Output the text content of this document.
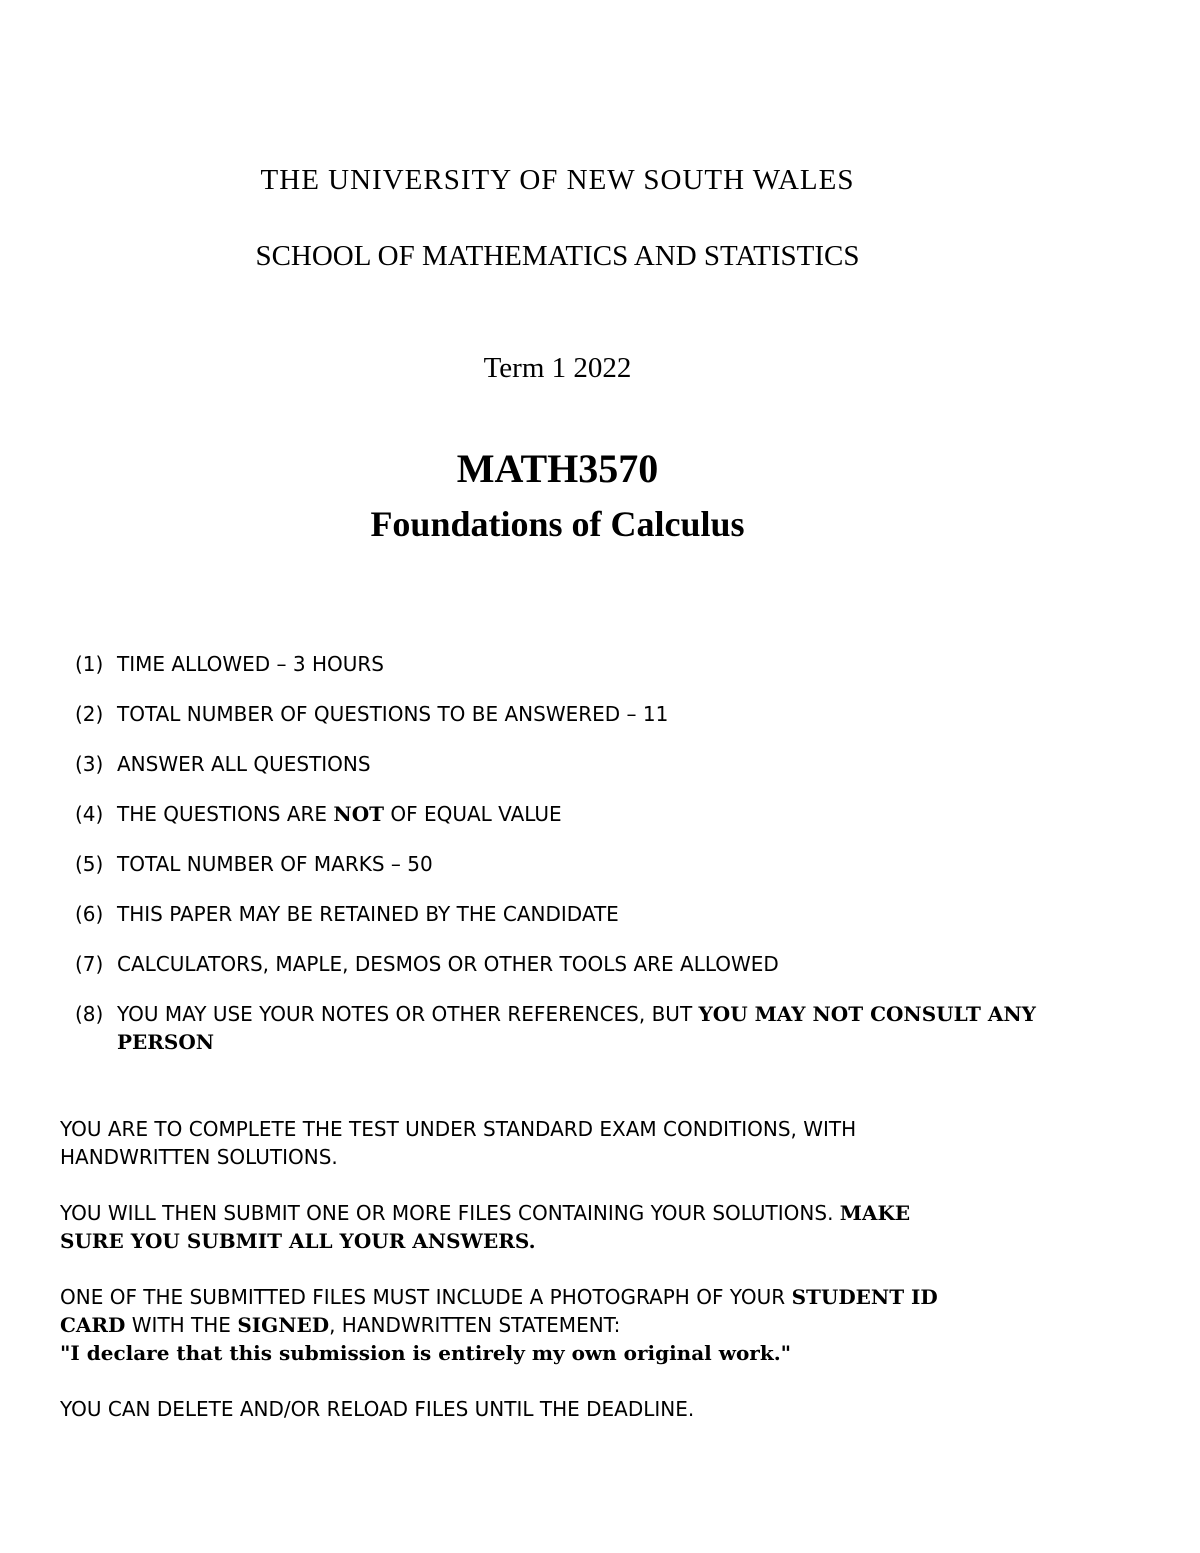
THE UNIVERSITY OF NEW SOUTH WALES
SCHOOL OF MATHEMATICS AND STATISTICS
Term 1 2022
MATH3570
Foundations of Calculus
(1) TIME ALLOWED – 3 HOURS
(2) TOTAL NUMBER OF QUESTIONS TO BE ANSWERED – 11
(3) ANSWER ALL QUESTIONS
(4) THE QUESTIONS ARE NOT OF EQUAL VALUE
(5) TOTAL NUMBER OF MARKS – 50
(6) THIS PAPER MAY BE RETAINED BY THE CANDIDATE
(7) CALCULATORS, MAPLE, DESMOS OR OTHER TOOLS ARE ALLOWED
(8) YOU MAY USE YOUR NOTES OR OTHER REFERENCES, BUT YOU MAY NOT CONSULT ANY PERSON

YOU ARE TO COMPLETE THE TEST UNDER STANDARD EXAM CONDITIONS, WITH HANDWRITTEN SOLUTIONS.

YOU WILL THEN SUBMIT ONE OR MORE FILES CONTAINING YOUR SOLUTIONS. MAKE SURE YOU SUBMIT ALL YOUR ANSWERS.

ONE OF THE SUBMITTED FILES MUST INCLUDE A PHOTOGRAPH OF YOUR STUDENT ID CARD WITH THE SIGNED, HANDWRITTEN STATEMENT:
"I declare that this submission is entirely my own original work."

YOU CAN DELETE AND/OR RELOAD FILES UNTIL THE DEADLINE.
